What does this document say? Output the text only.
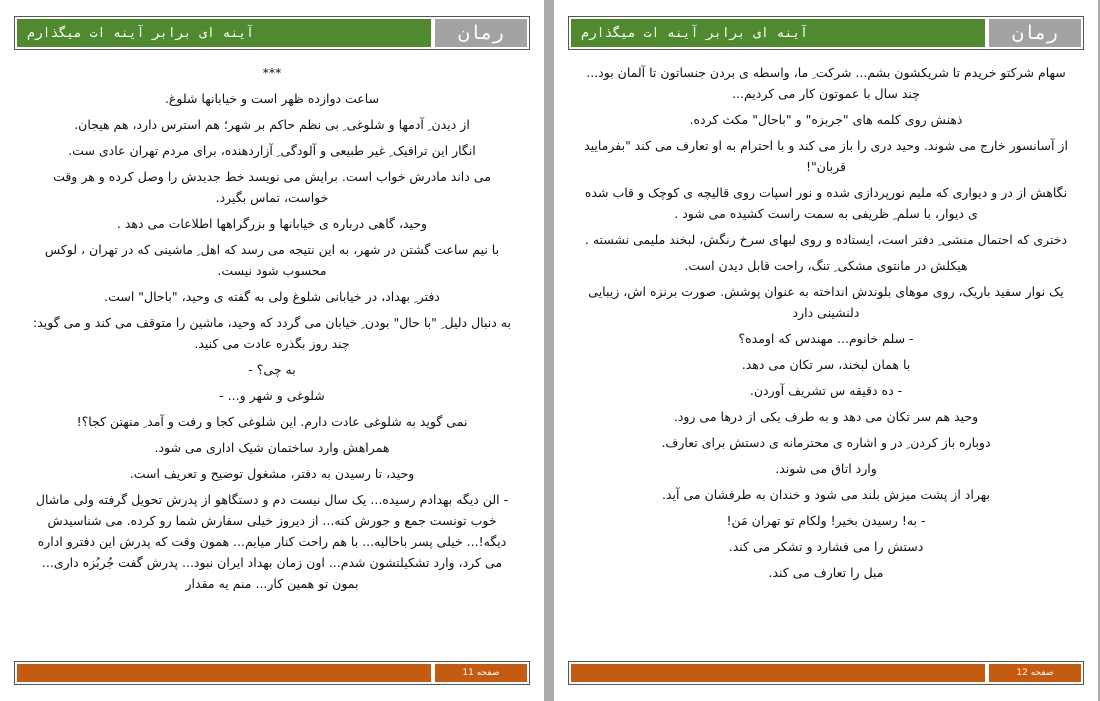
آینه ای برابر آینه ات میگذارم	رمان

***

ساعت دوازده ظهر است و خیابانها شلوغ.

از دیدن ِ آدمها و شلوغی ِ بی نظم حاکم بر شهر؛ هم استرس دارد، هم هیجان.

انگار این ترافیک ِ غیر طبیعی و آلودگی ِ آزاردهنده، برای مردم تهران عادی ست.

می داند مادرش خواب است. برایش می نویسد خط جدیدش را وصل کرده و هر وقت خواست، تماس بگیرد.

وحید، گاهی درباره ی خیابانها و بزرگراهها اطلاعات می دهد .

با نیم ساعت گشتن در شهر، به این نتیجه می رسد که اهل ِ ماشینی که در تهران ، لوکس محسوب شود نیست.

دفتر ِ بهداد، در خیابانی شلوغ ولی به گفته ی وحید، "باحال" است.

به دنبال دلیل ِ "با حال" بودن ِ خیابان می گردد که وحید، ماشین را متوقف می کند و می گوید: چند روز بگذره عادت می کنید.

به چی؟ -

شلوغی و شهر و... -

نمی گوید به شلوغی عادت دارم. این شلوغی کجا و رفت و آمد ِ منهتن کجا؟!

همراهش وارد ساختمان شیک اداری می شود.

وحید، تا رسیدن به دفتر، مشغول توضیح و تعریف است.

- الن دیگه بهدادم رسیده... یک سال نیست دم و دستگاهو از پدرش تحویل گرفته ولی ماشال خوب تونست جمع و جورش کنه... از دیروز خیلی سفارش شما رو کرده. می شناسیدش دیگه!... خیلی پسر باحالیه... با هم راحت کنار میایم... همون وقت که پدرش این دفترو اداره می کرد، وارد تشکیلتشون شدم... اون زمان بهداد ایران نبود... پدرش گفت جُربُزه داری... بمون تو همین کار... منم یه مقدار

صفحه 11
آینه ای برابر آینه ات میگذارم	رمان

سهام شرکتو خریدم تا شریکشون بشم... شرکت ِ ما، واسطه ی بردن جنساتون تا آلمان بود... چند سال با عموتون کار می کردیم...

ذهنش روی کلمه های "جربزه" و "باحال" مکث کرده.

از آسانسور خارج می شوند. وحید دری را باز می کند و با احترام به او تعارف می کند "بفرمایید قربان"!

نگاهش از در و دیواری که ملیم نورپردازی شده و نور اسپات روی قالیچه ی کوچک و قاب شده ی دیوار، با سلم ِ ظریفی به سمت راست کشیده می شود .

دختری که احتمال منشی ِ دفتر است، ایستاده و روی لبهای سرخ رنگش، لبخند ملیمی نشسته .

هیکلش در مانتوی مشکی ِ تنگ، راحت قابل دیدن است.

یک نوار سفید باریک، روی موهای بلوندش انداخته به عنوان پوشش. صورت برنزه اش، زیبایی دلنشینی دارد

- سلم خانوم... مهندس که اومده؟

با همان لبخند، سر تکان می دهد.

- ده دقیقه س تشریف آوردن.

وحید هم سر تکان می دهد و به طرف یکی از درها می رود.

دوباره باز کردن ِ در و اشاره ی محترمانه ی دستش برای تعارف.

وارد اتاق می شوند.

بهراد از پشت میزش بلند می شود و خندان به طرفشان می آید.

- به! رسیدن بخیر! ولکام تو تهران مَن!

دستش را می فشارد و تشکر می کند.

مبل را تعارف می کند.

صفحه 12
